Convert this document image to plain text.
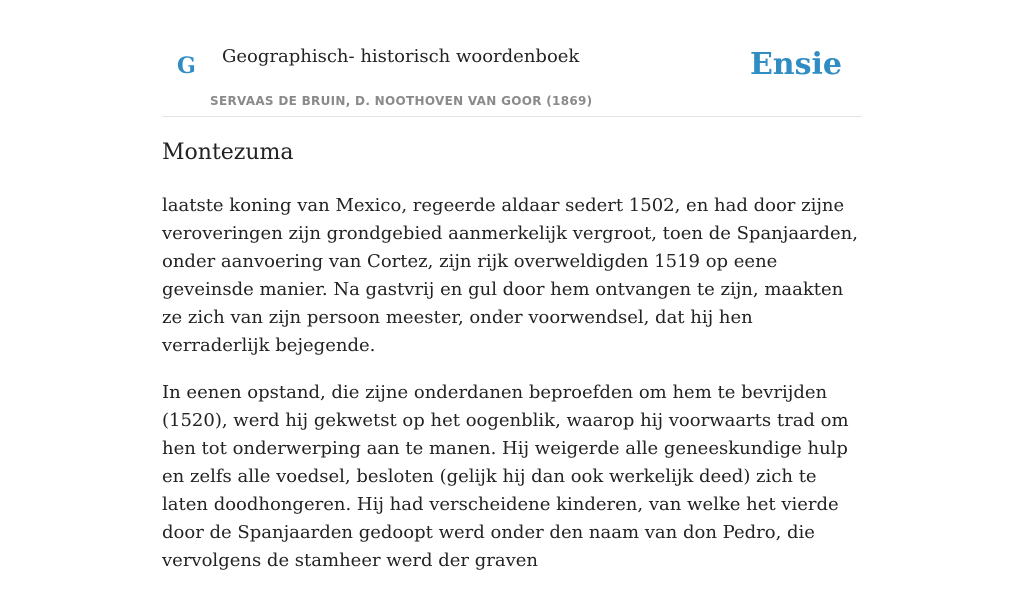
G Geographisch- historisch woordenboek
SERVAAS DE BRUIN, D. NOOTHOVEN VAN GOOR (1869)
Ensie
Montezuma

laatste koning van Mexico, regeerde aldaar sedert 1502, en had door zijne veroveringen zijn grondgebied aanmerkelijk vergroot, toen de Spanjaarden, onder aanvoering van Cortez, zijn rijk overweldigden 1519 op eene geveinsde manier. Na gastvrij en gul door hem ontvangen te zijn, maakten ze zich van zijn persoon meester, onder voorwendsel, dat hij hen verraderlijk bejegende.

In eenen opstand, die zijne onderdanen beproefden om hem te bevrijden (1520), werd hij gekwetst op het oogenblik, waarop hij voorwaarts trad om hen tot onderwerping aan te manen. Hij weigerde alle geneeskundige hulp en zelfs alle voedsel, besloten (gelijk hij dan ook werkelijk deed) zich te laten doodhongeren. Hij had verscheidene kinderen, van welke het vierde door de Spanjaarden gedoopt werd onder den naam van don Pedro, die vervolgens de stamheer werd der graven
